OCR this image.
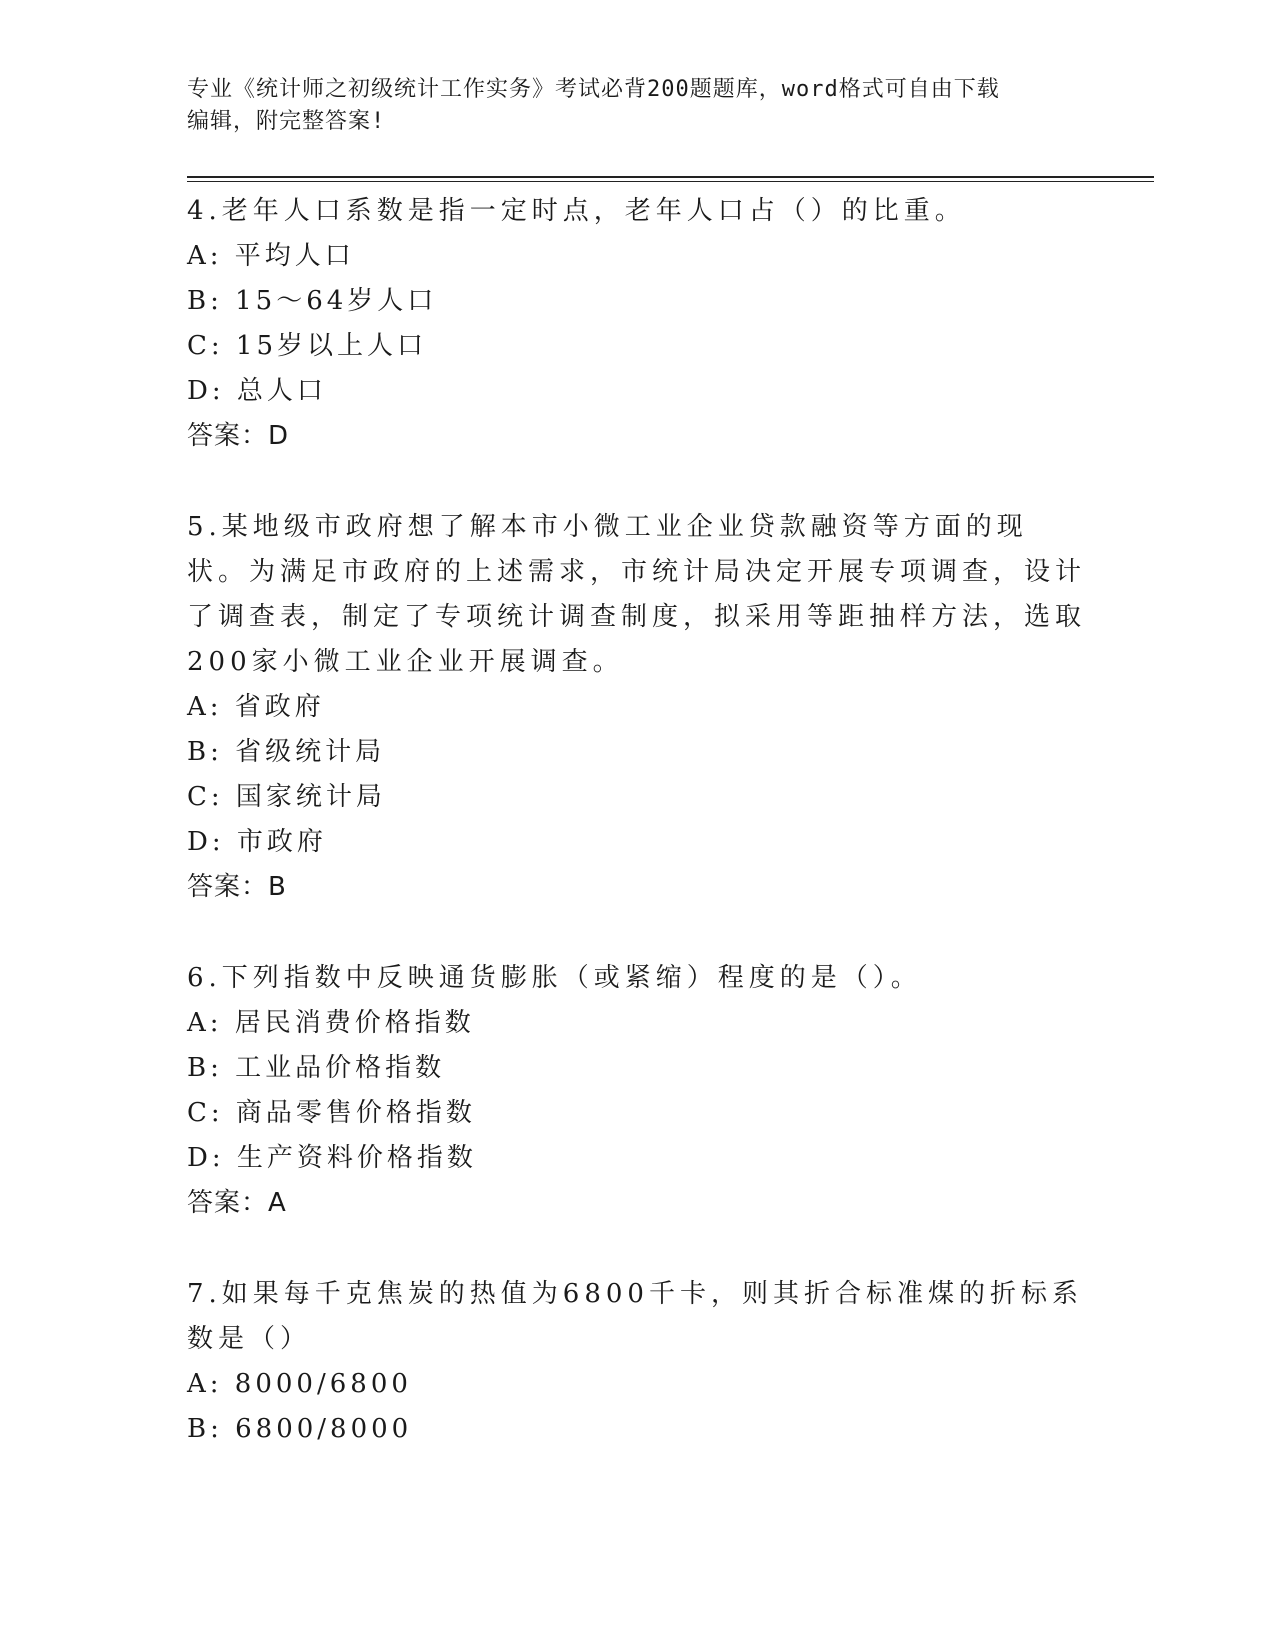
专业《统计师之初级统计工作实务》考试必背200题题库，word格式可自由下载
编辑，附完整答案!
4.老年人口系数是指一定时点，老年人口占（）的比重。
A: 平均人口
B: 15～64岁人口
C: 15岁以上人口
D: 总人口
答案：D
5.某地级市政府想了解本市小微工业企业贷款融资等方面的现状。为满足市政府的上述需求，市统计局决定开展专项调查，设计了调查表，制定了专项统计调查制度，拟采用等距抽样方法，选取200家小微工业企业开展调查。
A: 省政府
B: 省级统计局
C: 国家统计局
D: 市政府
答案：B
6.下列指数中反映通货膨胀（或紧缩）程度的是（）。
A: 居民消费价格指数
B: 工业品价格指数
C: 商品零售价格指数
D: 生产资料价格指数
答案：A
7.如果每千克焦炭的热值为6800千卡，则其折合标准煤的折标系数是（）
A: 8000/6800
B: 6800/8000
